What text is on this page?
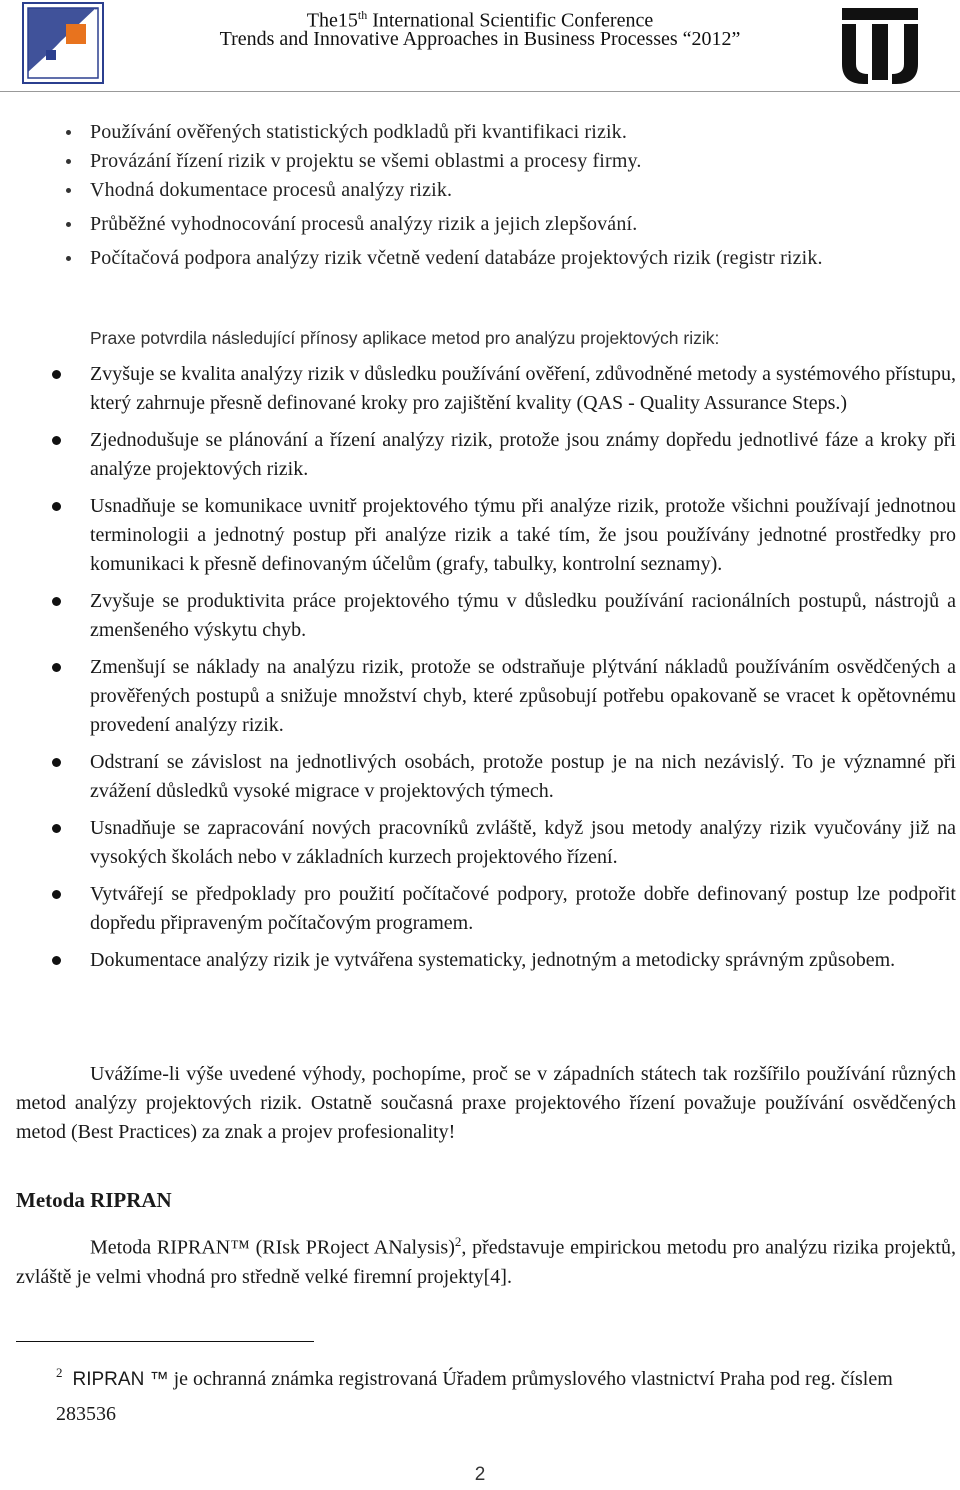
The15th International Scientific Conference
Trends and Innovative Approaches in Business Processes “2012”
Používání ověřených statistických podkladů při kvantifikaci rizik.
Provázání řízení rizik v projektu se všemi oblastmi a procesy firmy.
Vhodná dokumentace procesů analýzy rizik.
Průběžné vyhodnocování procesů analýzy rizik a jejich zlepšování.
Počítačová podpora analýzy rizik včetně vedení databáze projektových rizik (registr rizik.
Praxe potvrdila následující přínosy aplikace metod pro analýzu projektových rizik:
Zvyšuje se kvalita analýzy rizik v důsledku používání ověření, zdůvodněné metody a systémového přístupu, který zahrnuje přesně definované kroky pro zajištění kvality (QAS - Quality Assurance Steps.)
Zjednodušuje se plánování a řízení analýzy rizik, protože jsou známy dopředu jednotlivé fáze a kroky při analýze projektových rizik.
Usnadňuje se komunikace uvnitř projektového týmu při analýze rizik, protože všichni používají jednotnou terminologii a jednotný postup při analýze rizik a také tím, že jsou používány jednotné prostředky pro komunikaci k přesně definovaným účelům (grafy, tabulky, kontrolní seznamy).
Zvyšuje se produktivita práce projektového týmu v důsledku používání racionálních postupů, nástrojů a zmenšeného výskytu chyb.
Zmenšují se náklady na analýzu rizik, protože se odstraňuje plýtvání nákladů používáním osvědčených a prověřených postupů a snižuje množství chyb, které způsobují potřebu opakovaně se vracet k opětovnému provedení analýzy rizik.
Odstraní se závislost na jednotlivých osobách, protože postup je na nich nezávislý. To je významné při zvážení důsledků vysoké migrace v projektových týmech.
Usnadňuje se zapracování nových pracovníků zvláště, když jsou metody analýzy rizik vyučovány již na vysokých školách nebo v základních kurzech projektového řízení.
Vytvářejí se předpoklady pro použití počítačové podpory, protože dobře definovaný postup lze podpořit dopředu připraveným počítačovým programem.
Dokumentace analýzy rizik je vytvářena systematicky, jednotným a metodicky správným způsobem.
Uvážíme-li výše uvedené výhody, pochopíme, proč se v západních státech tak rozšířilo používání různých metod analýzy projektových rizik. Ostatně současná praxe projektového řízení považuje používání osvědčených metod (Best Practices) za znak a projev profesionality!
Metoda RIPRAN
Metoda RIPRAN™ (RIsk PRoject ANalysis)$^2$, představuje empirickou metodu pro analýzu rizika projektů, zvláště je velmi vhodná pro středně velké firemní projekty[4].
$^2$ RIPRAN ™ je ochranná známka registrovaná Úřadem průmyslového vlastnictví Praha pod reg. číslem 283536
2
